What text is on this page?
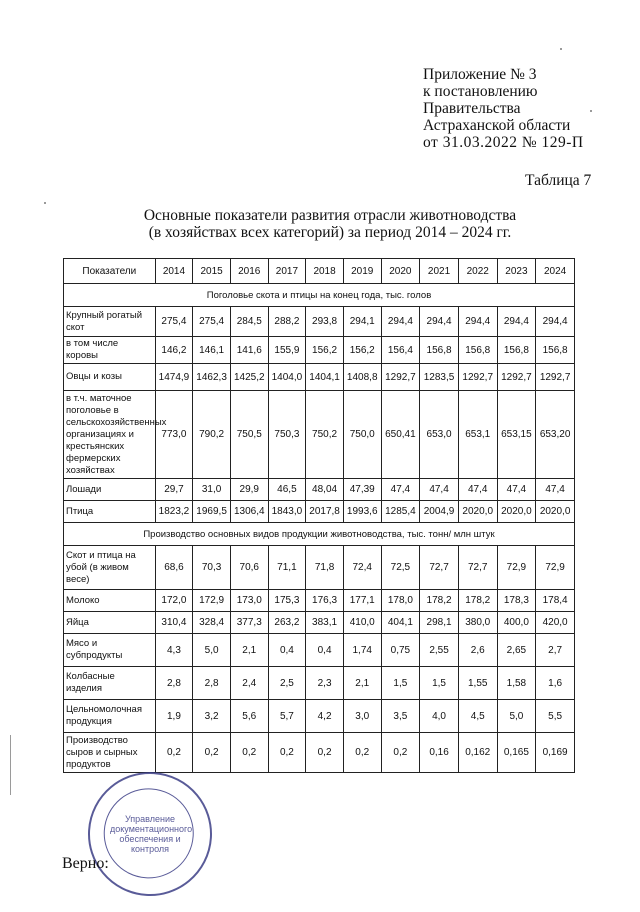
Приложение № 3
к постановлению
Правительства
Астраханской области
от 31.03.2022 № 129-П
Таблица 7
Основные показатели развития отрасли животноводства
(в хозяйствах всех категорий) за период 2014 – 2024 гг.
Показатели	2014	2015	2016	2017	2018	2019	2020	2021	2022	2023	2024
Поголовье скота и птицы на конец года, тыс. голов											
Крупный рогатый скот	275,4	275,4	284,5	288,2	293,8	294,1	294,4	294,4	294,4	294,4	294,4
в том числе коровы	146,2	146,1	141,6	155,9	156,2	156,2	156,4	156,8	156,8	156,8	156,8
Овцы и козы	1474,9	1462,3	1425,2	1404,0	1404,1	1408,8	1292,7	1283,5	1292,7	1292,7	1292,7
в т.ч. маточное поголовье в сельскохозяйственных организациях и крестьянских фермерских хозяйствах	773,0	790,2	750,5	750,3	750,2	750,0	650,41	653,0	653,1	653,15	653,20
Лошади	29,7	31,0	29,9	46,5	48,04	47,39	47,4	47,4	47,4	47,4	47,4
Птица	1823,2	1969,5	1306,4	1843,0	2017,8	1993,6	1285,4	2004,9	2020,0	2020,0	2020,0
Производство основных видов продукции животноводства, тыс. тонн/ млн штук											
Скот и птица на убой (в живом весе)	68,6	70,3	70,6	71,1	71,8	72,4	72,5	72,7	72,7	72,9	72,9
Молоко	172,0	172,9	173,0	175,3	176,3	177,1	178,0	178,2	178,2	178,3	178,4
Яйца	310,4	328,4	377,3	263,2	383,1	410,0	404,1	298,1	380,0	400,0	420,0
Мясо и субпродукты	4,3	5,0	2,1	0,4	0,4	1,74	0,75	2,55	2,6	2,65	2,7
Колбасные изделия	2,8	2,8	2,4	2,5	2,3	2,1	1,5	1,5	1,55	1,58	1,6
Цельномолочная продукция	1,9	3,2	5,6	5,7	4,2	3,0	3,5	4,0	4,5	5,0	5,5
Производство сыров и сырных продуктов	0,2	0,2	0,2	0,2	0,2	0,2	0,2	0,16	0,162	0,165	0,169
Управление документационного обеспечения и контроля
Верно:
